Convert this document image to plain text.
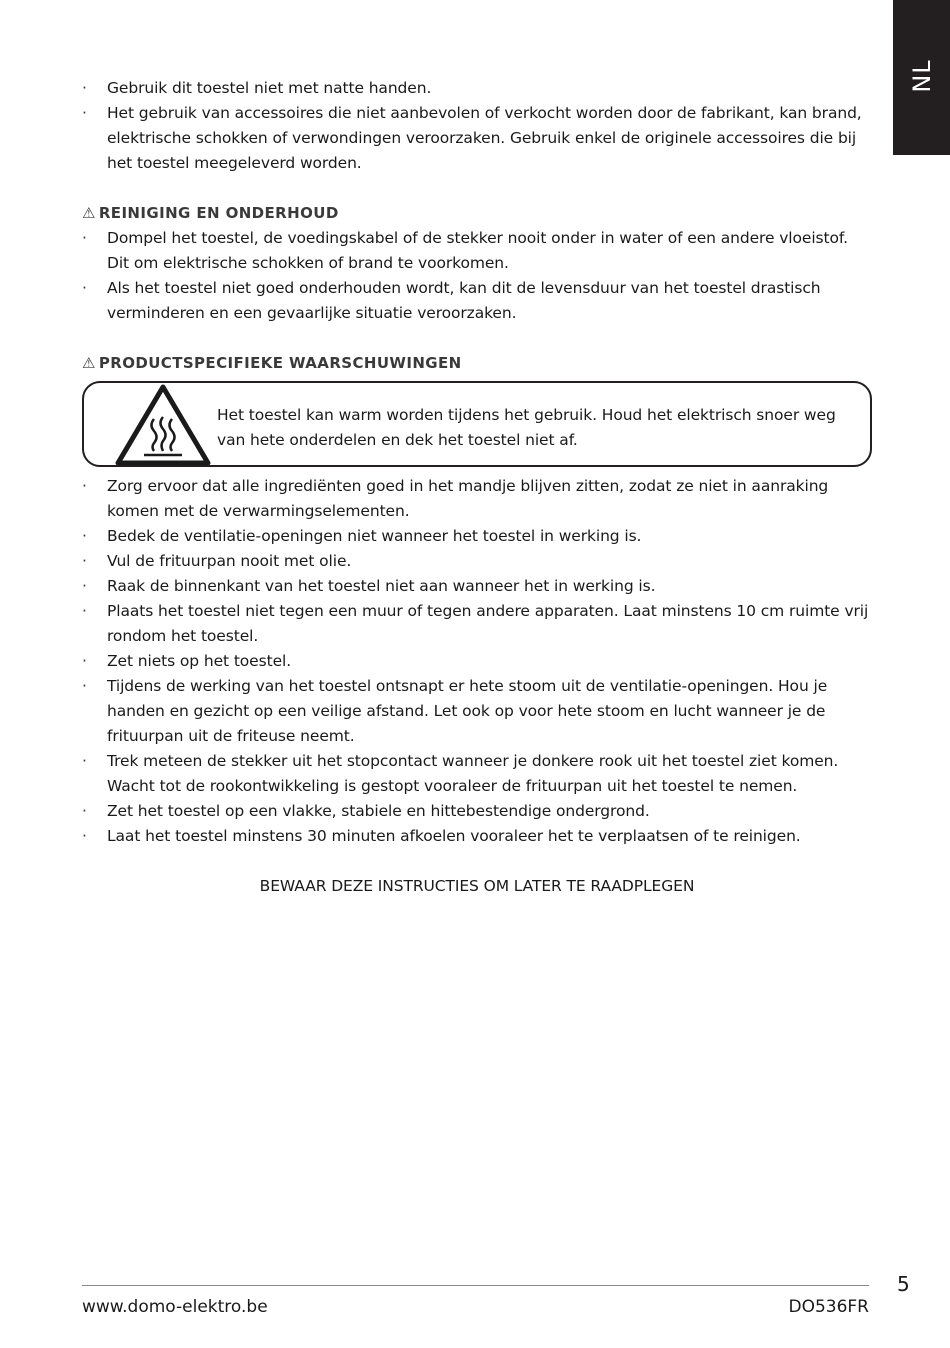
NL
· Gebruik dit toestel niet met natte handen.
· Het gebruik van accessoires die niet aanbevolen of verkocht worden door de fabrikant, kan brand, elektrische schokken of verwondingen veroorzaken. Gebruik enkel de originele accessoires die bij het toestel meegeleverd worden.
⚠ REINIGING EN ONDERHOUD
· Dompel het toestel, de voedingskabel of de stekker nooit onder in water of een andere vloeistof. Dit om elektrische schokken of brand te voorkomen.
· Als het toestel niet goed onderhouden wordt, kan dit de levensduur van het toestel drastisch verminderen en een gevaarlijke situatie veroorzaken.
⚠ PRODUCTSPECIFIEKE WAARSCHUWINGEN
Het toestel kan warm worden tijdens het gebruik. Houd het elektrisch snoer weg van hete onderdelen en dek het toestel niet af.
· Zorg ervoor dat alle ingrediënten goed in het mandje blijven zitten, zodat ze niet in aanraking komen met de verwarmingselementen.
· Bedek de ventilatie-openingen niet wanneer het toestel in werking is.
· Vul de frituurpan nooit met olie.
· Raak de binnenkant van het toestel niet aan wanneer het in werking is.
· Plaats het toestel niet tegen een muur of tegen andere apparaten. Laat minstens 10 cm ruimte vrij rondom het toestel.
· Zet niets op het toestel.
· Tijdens de werking van het toestel ontsnapt er hete stoom uit de ventilatie-openingen. Hou je handen en gezicht op een veilige afstand. Let ook op voor hete stoom en lucht wanneer je de frituurpan uit de friteuse neemt.
· Trek meteen de stekker uit het stopcontact wanneer je donkere rook uit het toestel ziet komen. Wacht tot de rookontwikkeling is gestopt vooraleer de frituurpan uit het toestel te nemen.
· Zet het toestel op een vlakke, stabiele en hittebestendige ondergrond.
· Laat het toestel minstens 30 minuten afkoelen vooraleer het te verplaatsen of te reinigen.
BEWAAR DEZE INSTRUCTIES OM LATER TE RAADPLEGEN
5
www.domo-elektro.be	DO536FR
